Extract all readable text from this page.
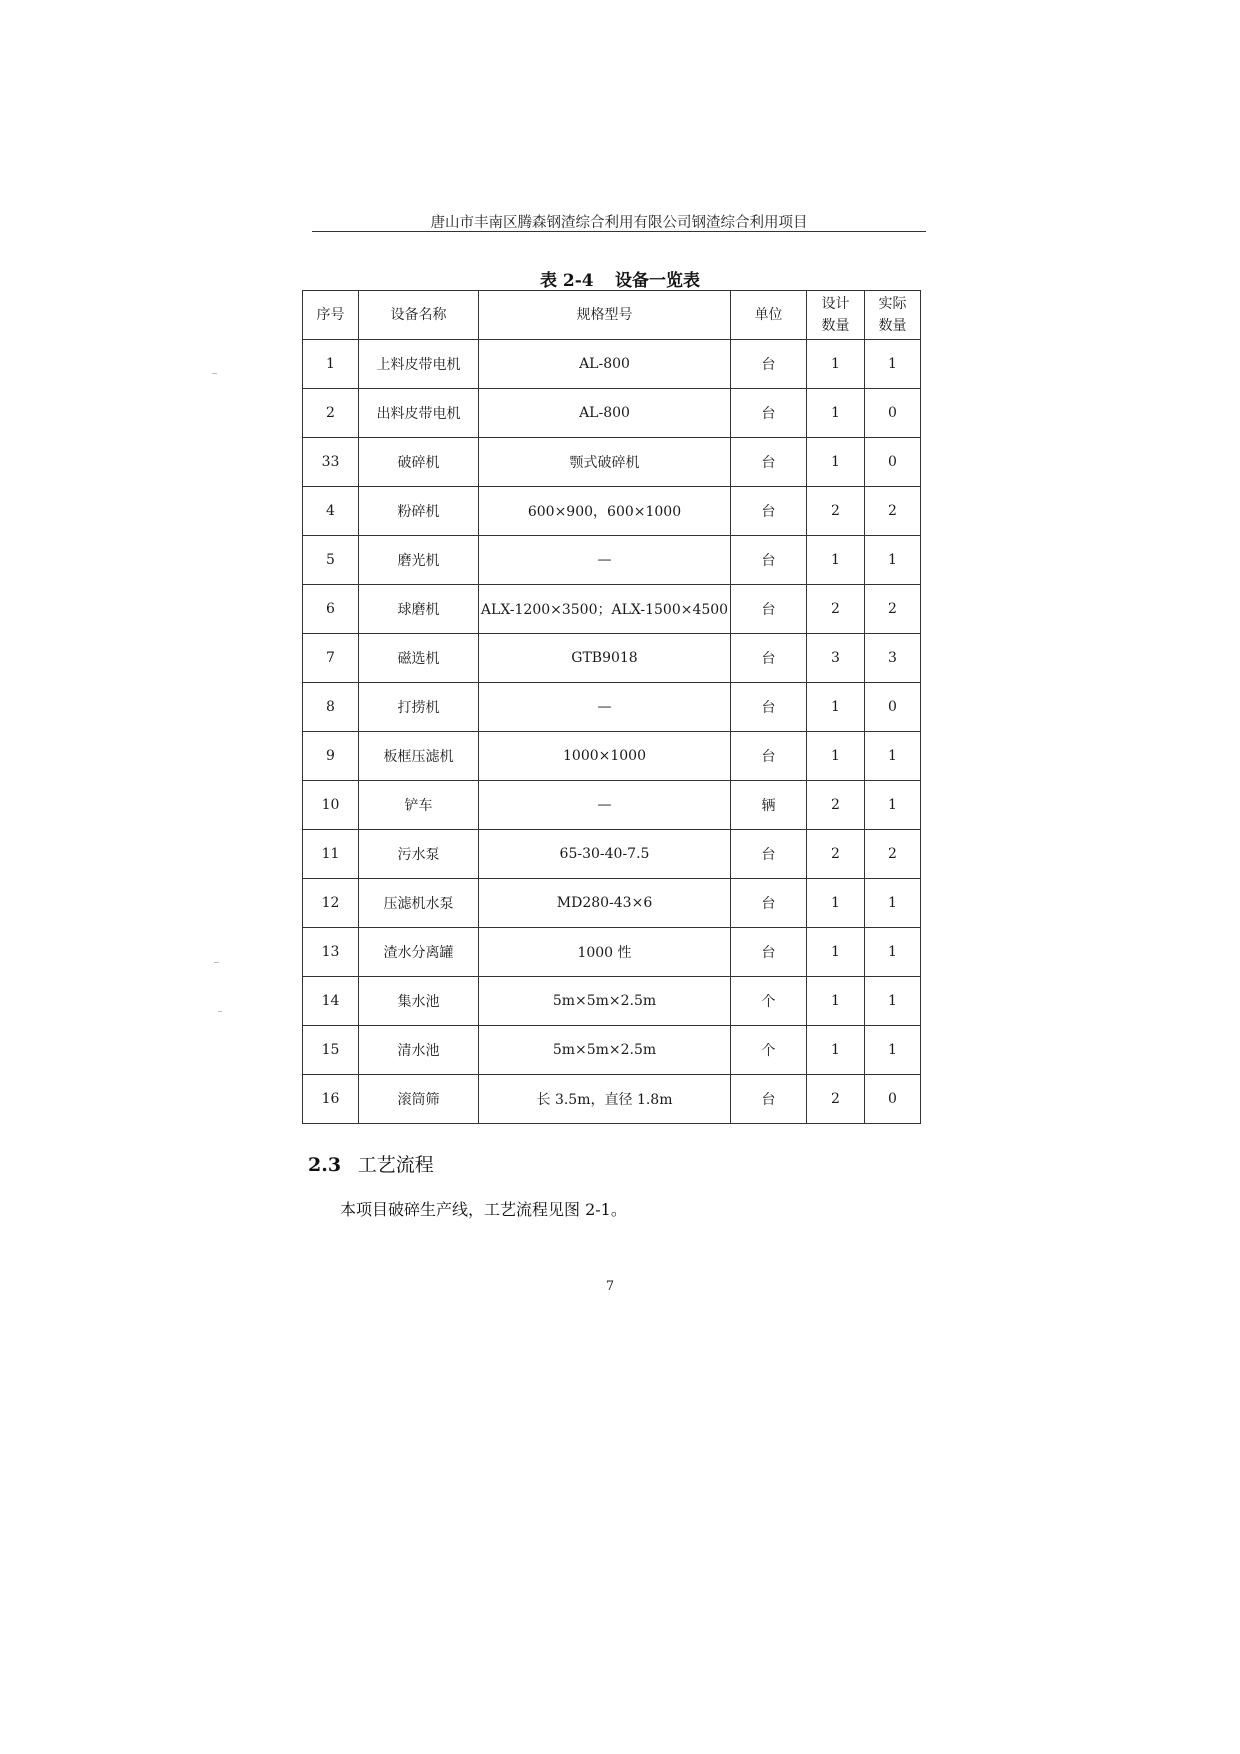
唐山市丰南区腾森钢渣综合利用有限公司钢渣综合利用项目
表 2-4 设备一览表
序号	设备名称	规格型号	单位	设计数量	实际数量
1	上料皮带电机	AL-800	台	1	1
2	出料皮带电机	AL-800	台	1	0
33	破碎机	颚式破碎机	台	1	0
4	粉碎机	600×900，600×1000	台	2	2
5	磨光机	—	台	1	1
6	球磨机	ALX-1200×3500；ALX-1500×4500	台	2	2
7	磁选机	GTB9018	台	3	3
8	打捞机	—	台	1	0
9	板框压滤机	1000×1000	台	1	1
10	铲车	—	辆	2	1
11	污水泵	65-30-40-7.5	台	2	2
12	压滤机水泵	MD280-43×6	台	1	1
13	渣水分离罐	1000 性	台	1	1
14	集水池	5m×5m×2.5m	个	1	1
15	清水池	5m×5m×2.5m	个	1	1
16	滚筒筛	长 3.5m，直径 1.8m	台	2	0
2.3 工艺流程
本项目破碎生产线，工艺流程见图 2-1。
7
